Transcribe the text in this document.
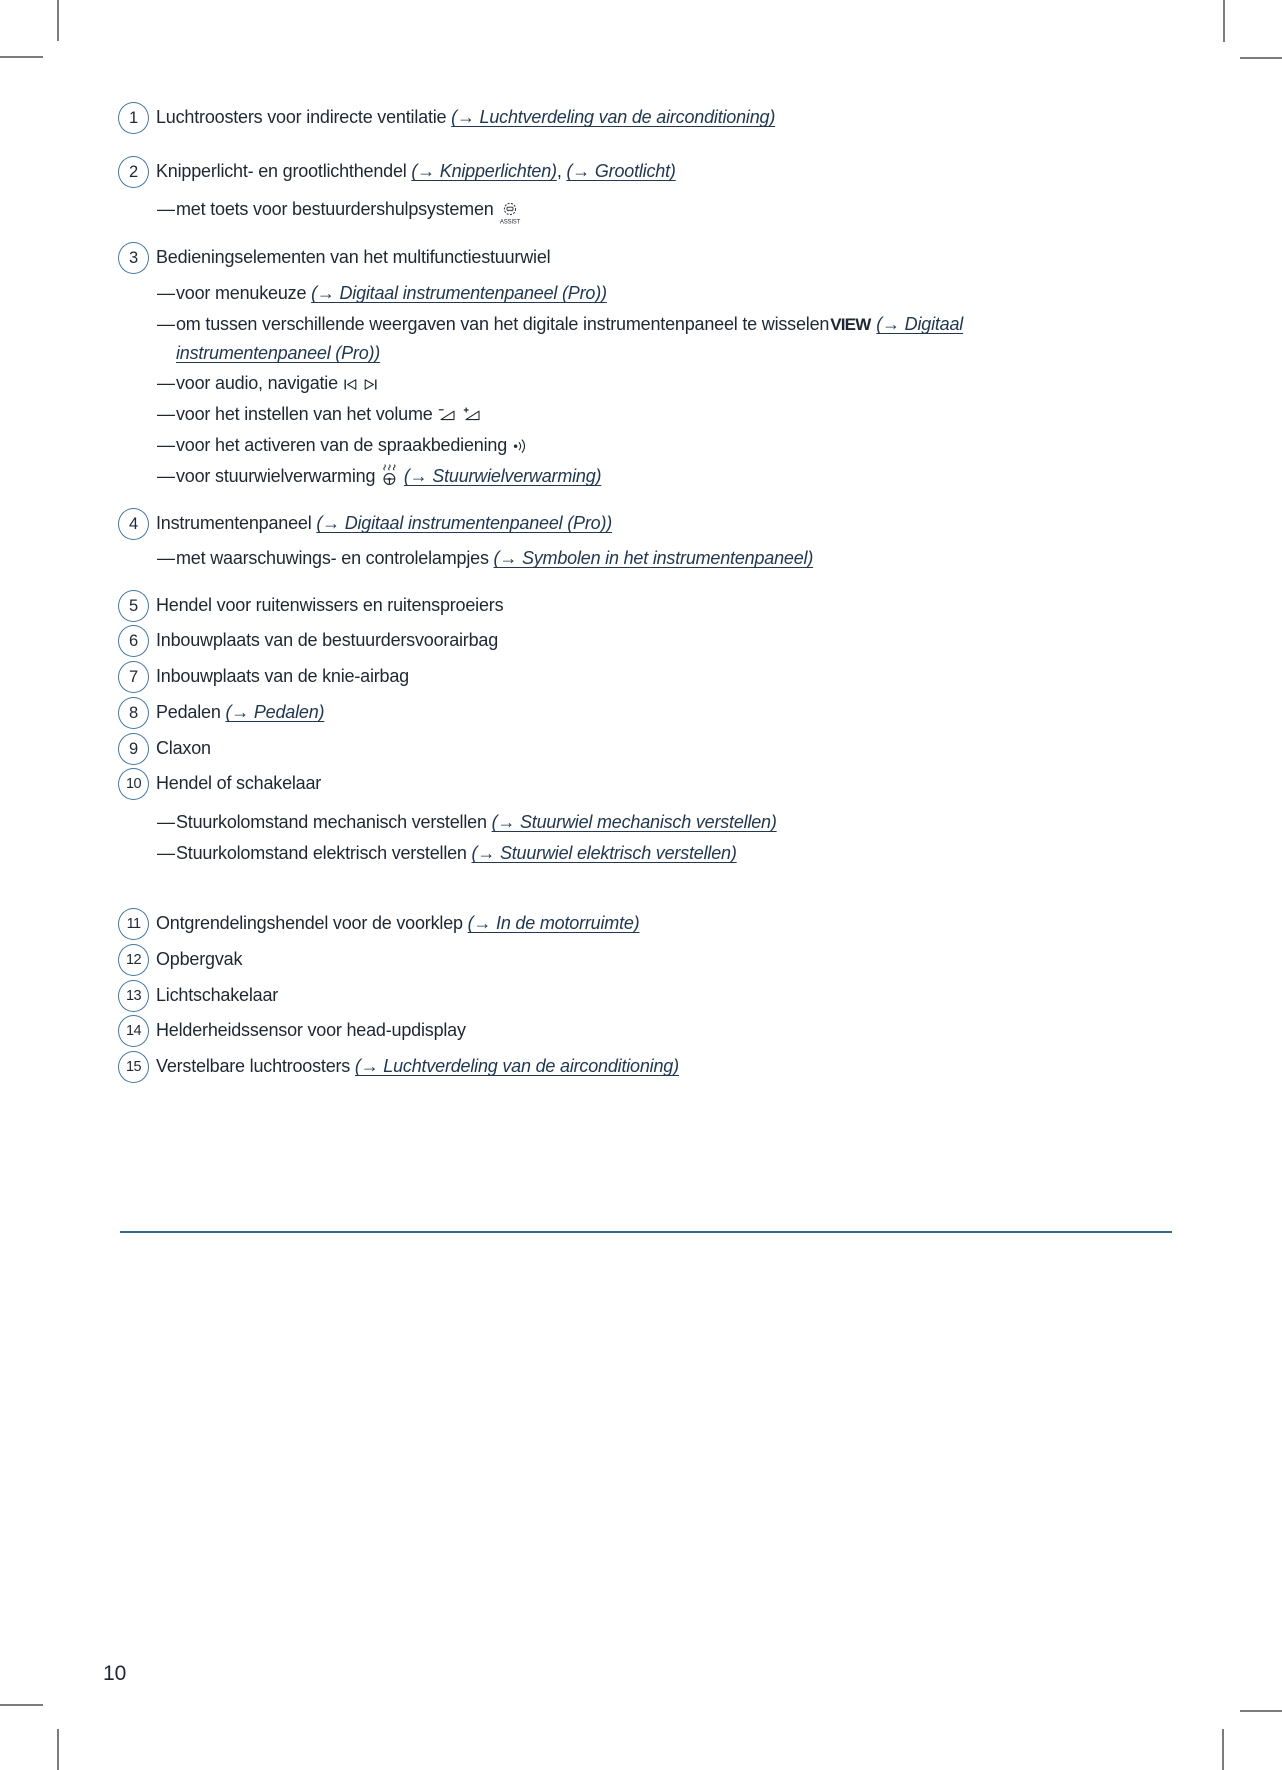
1 Luchtroosters voor indirecte ventilatie (→ Luchtverdeling van de airconditioning)
2 Knipperlicht- en grootlichthendel (→ Knipperlichten), (→ Grootlicht)
— met toets voor bestuurdershulpsystemen
ASSIST
3 Bedieningselementen van het multifunctiestuurwiel
— voor menukeuze (→ Digitaal instrumentenpaneel (Pro))
— om tussen verschillende weergaven van het digitale instrumentenpaneel te wisselenVIEW (→ Digitaal
instrumentenpaneel (Pro))
— voor audio, navigatie
— voor het instellen van het volume
— voor het activeren van de spraakbediening
— voor stuurwielverwarming  (→ Stuurwielverwarming)
4 Instrumentenpaneel (→ Digitaal instrumentenpaneel (Pro))
— met waarschuwings- en controlelampjes (→ Symbolen in het instrumentenpaneel)
5 Hendel voor ruitenwissers en ruitensproeiers
6 Inbouwplaats van de bestuurdersvoorairbag
7 Inbouwplaats van de knie-airbag
8 Pedalen (→ Pedalen)
9 Claxon
10 Hendel of schakelaar
— Stuurkolomstand mechanisch verstellen (→ Stuurwiel mechanisch verstellen)
— Stuurkolomstand elektrisch verstellen (→ Stuurwiel elektrisch verstellen)
11 Ontgrendelingshendel voor de voorklep (→ In de motorruimte)
12 Opbergvak
13 Lichtschakelaar
14 Helderheidssensor voor head-updisplay
15 Verstelbare luchtroosters (→ Luchtverdeling van de airconditioning)
10
